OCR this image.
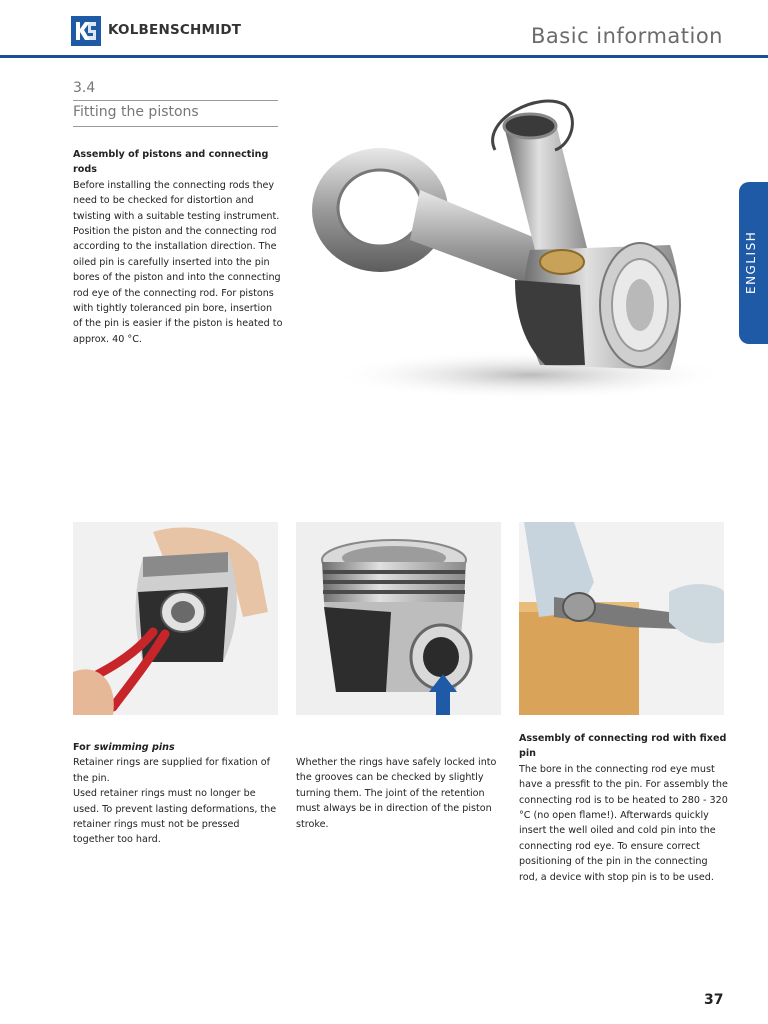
KOLBENSCHMIDT	Basic information
ENGLISH
3.4
Fitting the pistons
Assembly of pistons and connecting rods
Before installing the connecting rods they need to be checked for distortion and twisting with a suitable testing instrument. Position the piston and the connecting rod according to the installation direction. The oiled pin is carefully inserted into the pin bores of the piston and into the connecting rod eye of the connecting rod. For pistons with tightly toleranced pin bore, insertion of the pin is easier if the piston is heated to approx. 40 °C.
For swimming pins
Retainer rings are supplied for fixation of the pin.
Used retainer rings must no longer be used. To prevent lasting deformations, the retainer rings must not be pressed together too hard.
Whether the rings have safely locked into the grooves can be checked by slightly turning them. The joint of the retention must always be in direction of the piston stroke.
Assembly of connecting rod with fixed pin
The bore in the connecting rod eye must have a pressfit to the pin. For assembly the connecting rod is to be heated to 280 - 320 °C (no open flame!). Afterwards quickly insert the well oiled and cold pin into the connecting rod eye. To ensure correct positioning of the pin in the connecting rod, a device with stop pin is to be used.
37
